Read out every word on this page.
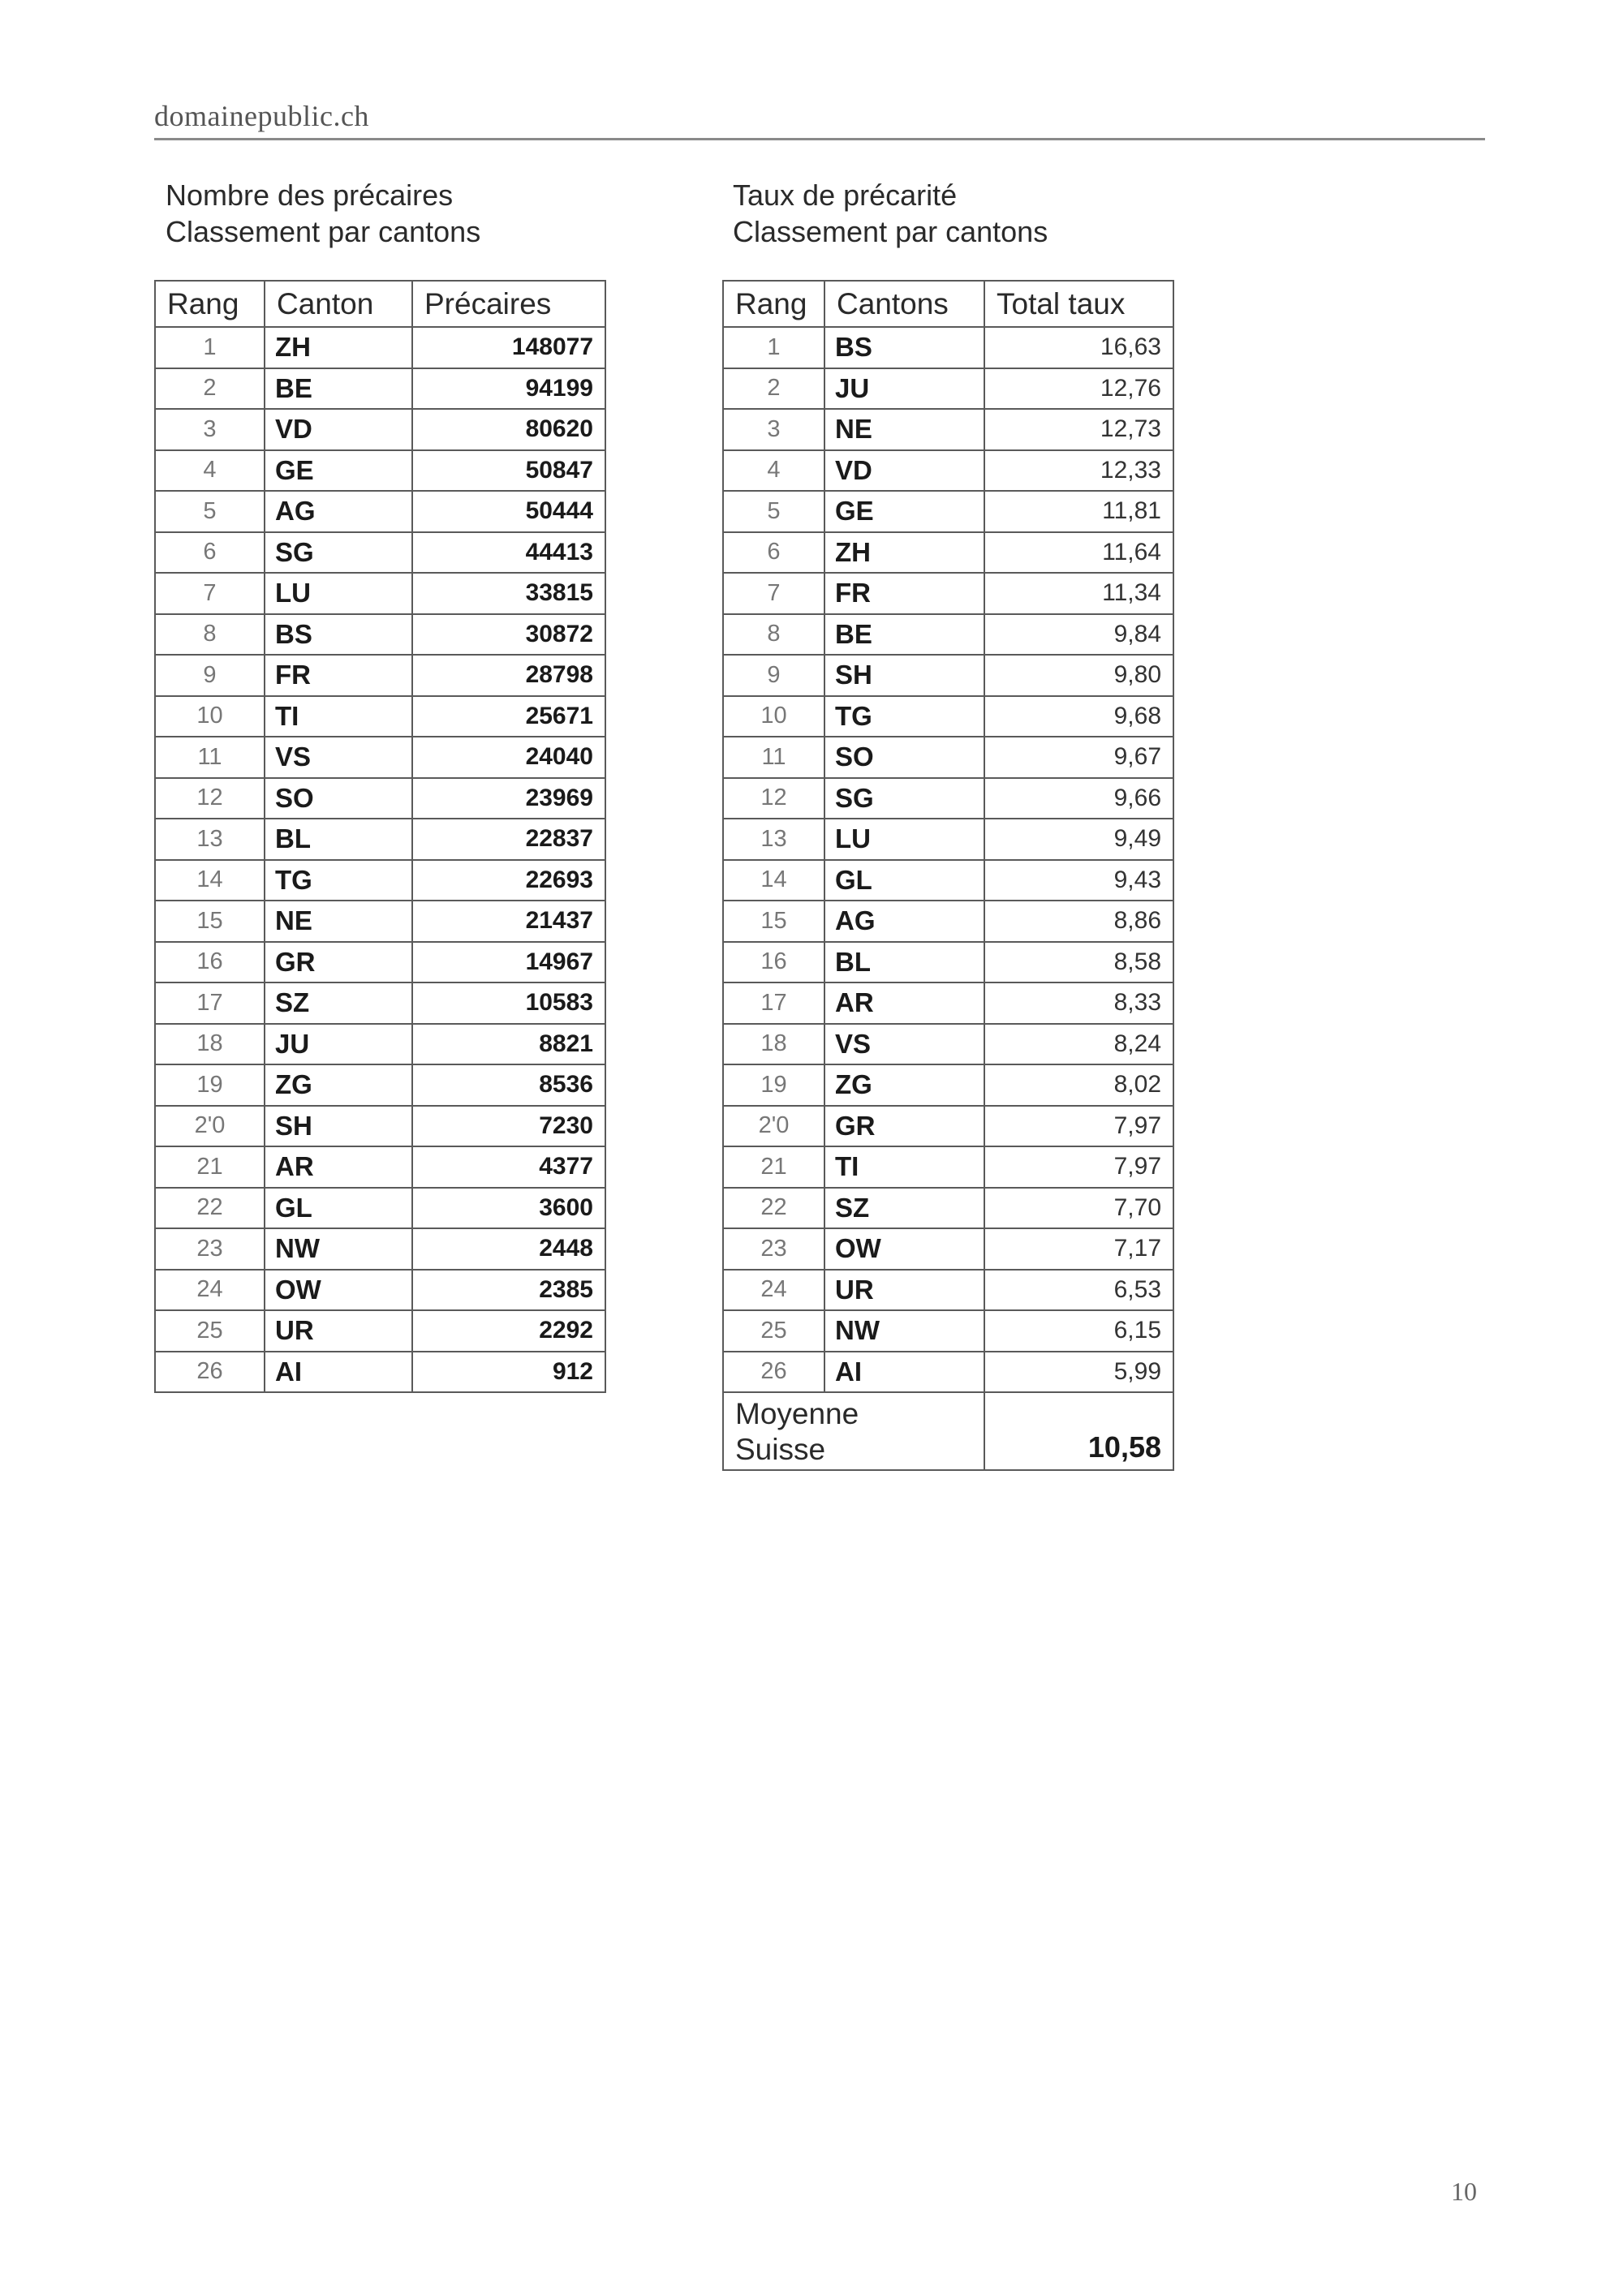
domainepublic.ch
Nombre des précaires
Classement par cantons
Taux de précarité
Classement par cantons
Rang	Canton	Précaires
1	ZH	148077
2	BE	94199
3	VD	80620
4	GE	50847
5	AG	50444
6	SG	44413
7	LU	33815
8	BS	30872
9	FR	28798
10	TI	25671
11	VS	24040
12	SO	23969
13	BL	22837
14	TG	22693
15	NE	21437
16	GR	14967
17	SZ	10583
18	JU	8821
19	ZG	8536
2'0	SH	7230
21	AR	4377
22	GL	3600
23	NW	2448
24	OW	2385
25	UR	2292
26	AI	912
Rang	Cantons	Total taux
1	BS	16,63
2	JU	12,76
3	NE	12,73
4	VD	12,33
5	GE	11,81
6	ZH	11,64
7	FR	11,34
8	BE	9,84
9	SH	9,80
10	TG	9,68
11	SO	9,67
12	SG	9,66
13	LU	9,49
14	GL	9,43
15	AG	8,86
16	BL	8,58
17	AR	8,33
18	VS	8,24
19	ZG	8,02
2'0	GR	7,97
21	TI	7,97
22	SZ	7,70
23	OW	7,17
24	UR	6,53
25	NW	6,15
26	AI	5,99

Moyenne
Suisse		10,58
10
